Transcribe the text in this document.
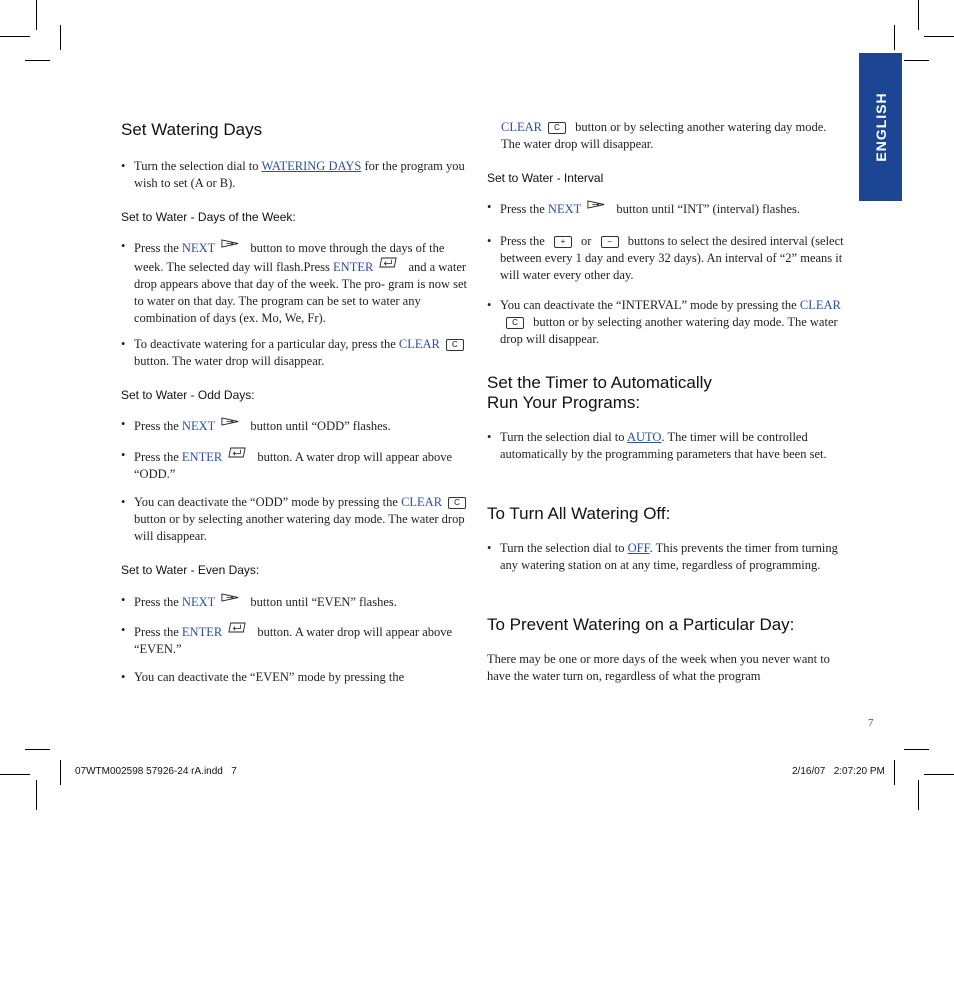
ENGLISH
Set Watering Days
• Turn the selection dial to WATERING DAYS for the program you wish to set (A or B).
Set to Water - Days of the Week:
• Press the NEXT	button to move through the days of the week. The selected day will flash.Press ENTER	and a water drop appears above that day of the week. The pro- gram is now set to water on that day. The program can be set to water any combination of days (ex. Mo, We, Fr).
• To deactivate watering for a particular day, press the CLEAR C button. The water drop will disappear.
Set to Water - Odd Days:
• Press the NEXT	button until “ODD” flashes.
• Press the ENTER	button. A water drop will appear above “ODD.”
• You can deactivate the “ODD” mode by pressing the CLEAR C button or by selecting another watering day mode. The water drop will disappear.
Set to Water - Even Days:
• Press the NEXT	button until “EVEN” flashes.
• Press the ENTER	button. A water drop will appear above “EVEN.”
• You can deactivate the “EVEN” mode by pressing the
CLEAR C button or by selecting another watering day mode. The water drop will disappear.
Set to Water - Interval
• Press the NEXT	button until “INT” (interval) flashes.
• Press the + or − buttons to select the desired interval (select between every 1 day and every 32 days). An interval of “2” means it will water every other day.
• You can deactivate the “INTERVAL” mode by pressing the CLEARC button or by selecting another watering day mode. The water drop will disappear.
Set the Timer to Automatically
Run Your Programs:
• Turn the selection dial to AUTO. The timer will be controlled automatically by the programming parameters that have been set.
To Turn All Watering Off:
• Turn the selection dial to OFF. This prevents the timer from turning any watering station on at any time, regardless of programming.
To Prevent Watering on a Particular Day:
There may be one or more days of the week when you never want to have the water turn on, regardless of what the program
7
07WTM002598 57926-24 rA.indd   7	2/16/07   2:07:20 PM
